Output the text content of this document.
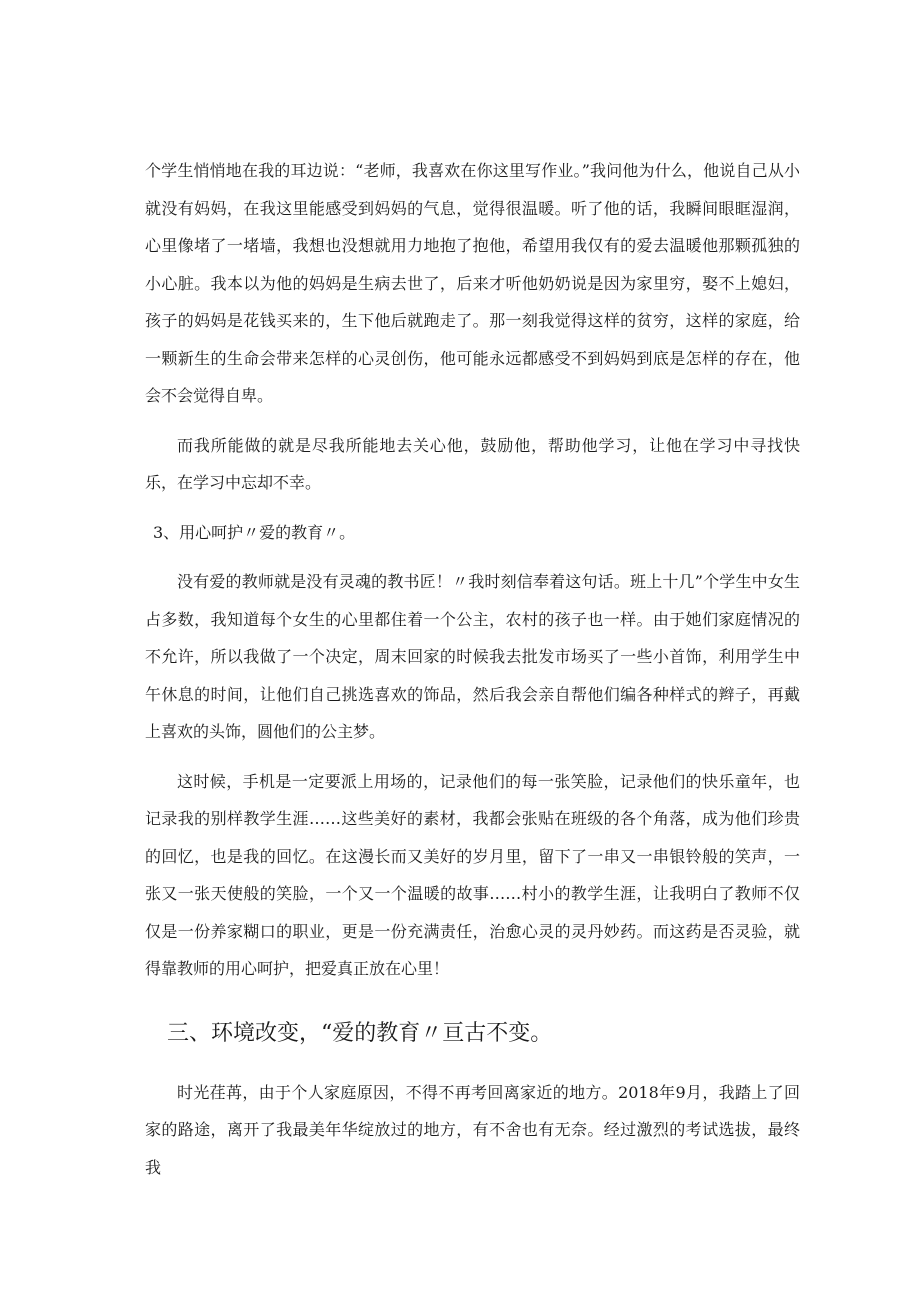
个学生悄悄地在我的耳边说：“老师，我喜欢在你这里写作业。”我问他为什么，他说自己从小就没有妈妈，在我这里能感受到妈妈的气息，觉得很温暖。听了他的话，我瞬间眼眶湿润，心里像堵了一堵墙，我想也没想就用力地抱了抱他，希望用我仅有的爱去温暖他那颗孤独的小心脏。我本以为他的妈妈是生病去世了，后来才听他奶奶说是因为家里穷，娶不上媳妇，孩子的妈妈是花钱买来的，生下他后就跑走了。那一刻我觉得这样的贫穷，这样的家庭，给一颗新生的生命会带来怎样的心灵创伤，他可能永远都感受不到妈妈到底是怎样的存在，他会不会觉得自卑。

而我所能做的就是尽我所能地去关心他，鼓励他，帮助他学习，让他在学习中寻找快乐，在学习中忘却不幸。

3、用心呵护〃爱的教育〃。

没有爱的教师就是没有灵魂的教书匠！〃我时刻信奉着这句话。班上十几”个学生中女生占多数，我知道每个女生的心里都住着一个公主，农村的孩子也一样。由于她们家庭情况的不允许，所以我做了一个决定，周末回家的时候我去批发市场买了一些小首饰，利用学生中午休息的时间，让他们自己挑选喜欢的饰品，然后我会亲自帮他们编各种样式的辫子，再戴上喜欢的头饰，圆他们的公主梦。

这时候，手机是一定要派上用场的，记录他们的每一张笑脸，记录他们的快乐童年，也记录我的别样教学生涯……这些美好的素材，我都会张贴在班级的各个角落，成为他们珍贵的回忆，也是我的回忆。在这漫长而又美好的岁月里，留下了一串又一串银铃般的笑声，一张又一张天使般的笑脸，一个又一个温暖的故事……村小的教学生涯，让我明白了教师不仅仅是一份养家糊口的职业，更是一份充满责任，治愈心灵的灵丹妙药。而这药是否灵验，就得靠教师的用心呵护，把爱真正放在心里！

三、环境改变，“爱的教育〃亘古不变。

时光荏苒，由于个人家庭原因，不得不再考回离家近的地方。2018年9月，我踏上了回家的路途，离开了我最美年华绽放过的地方，有不舍也有无奈。经过激烈的考试选拔，最终我
